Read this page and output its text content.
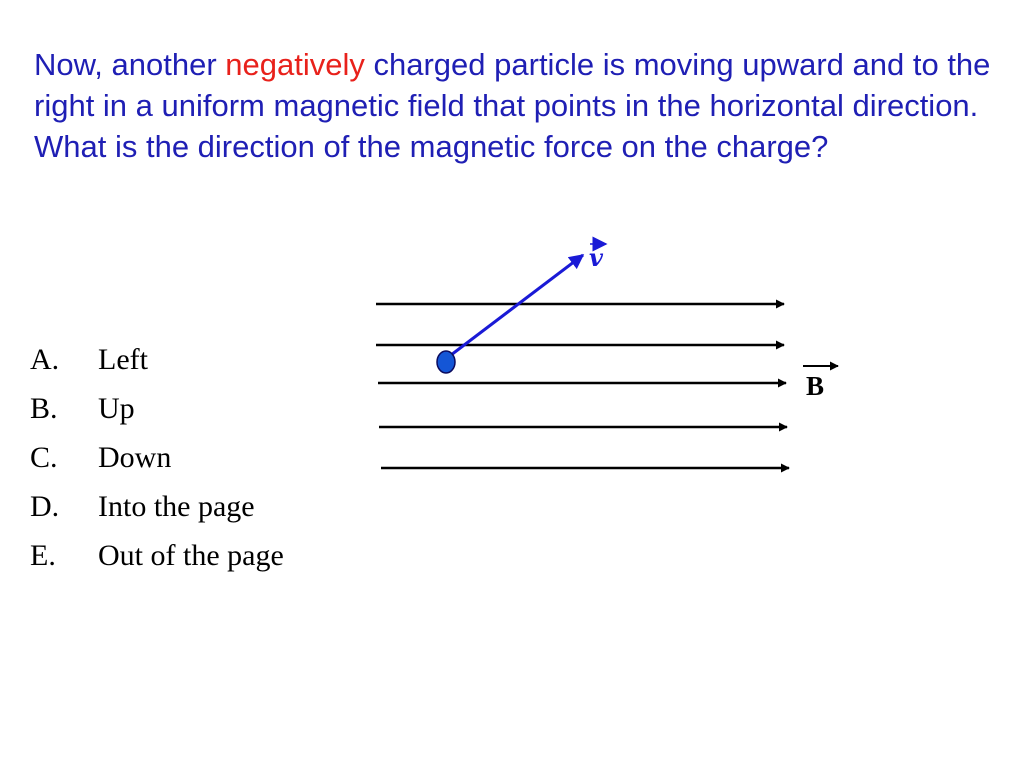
Now, another negatively charged particle is moving upward and to the right in a uniform magnetic field that points in the horizontal direction. What is the direction of the magnetic force on the charge?

A.	Left
B.	Up
C.	Down
D.	Into the page
E.	Out of the page
v
B
